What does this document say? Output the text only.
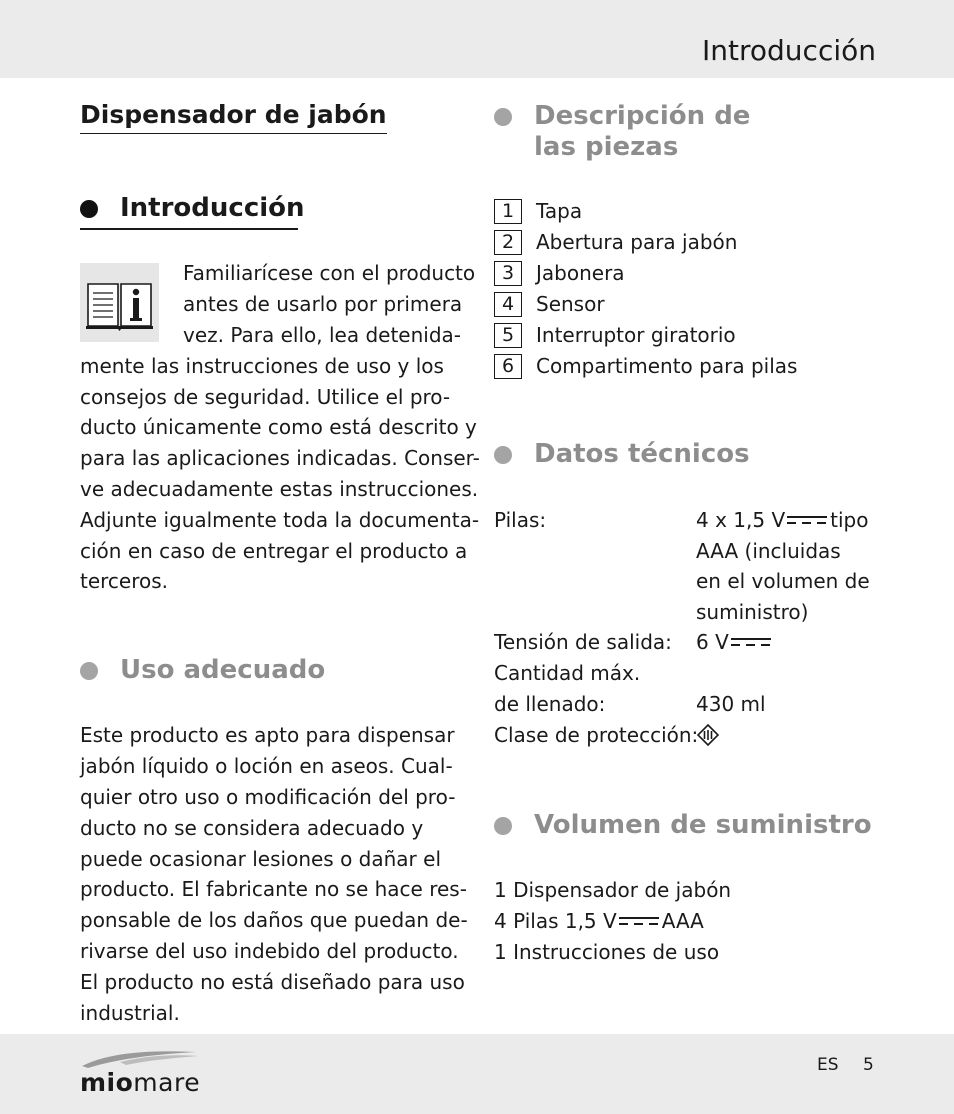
Introducción
Dispensador de jabón
Introducción
Familiarícese con el producto
antes de usarlo por primera
vez. Para ello, lea detenida-
mente las instrucciones de uso y los
consejos de seguridad. Utilice el pro-
ducto únicamente como está descrito y
para las aplicaciones indicadas. Conser-
ve adecuadamente estas instrucciones.
Adjunte igualmente toda la documenta-
ción en caso de entregar el producto a
terceros.
Uso adecuado
Este producto es apto para dispensar
jabón líquido o loción en aseos. Cual-
quier otro uso o modificación del pro-
ducto no se considera adecuado y
puede ocasionar lesiones o dañar el
producto. El fabricante no se hace res-
ponsable de los daños que puedan de-
rivarse del uso indebido del producto.
El producto no está diseñado para uso
industrial.
Descripción de
las piezas
1	Tapa
2	Abertura para jabón
3	Jabonera
4	Sensor
5	Interruptor giratorio
6	Compartimento para pilas
Datos técnicos
Pilas:	4 x 1,5 V tipo
AAA (incluidas
en el volumen de
suministro)
Tensión de salida: 6 V
Cantidad máx.
de llenado:	430 ml
Clase de protección:
Volumen de suministro
1 Dispensador de jabón
4 Pilas 1,5 V AAA
1 Instrucciones de uso
miomare
ES 5
